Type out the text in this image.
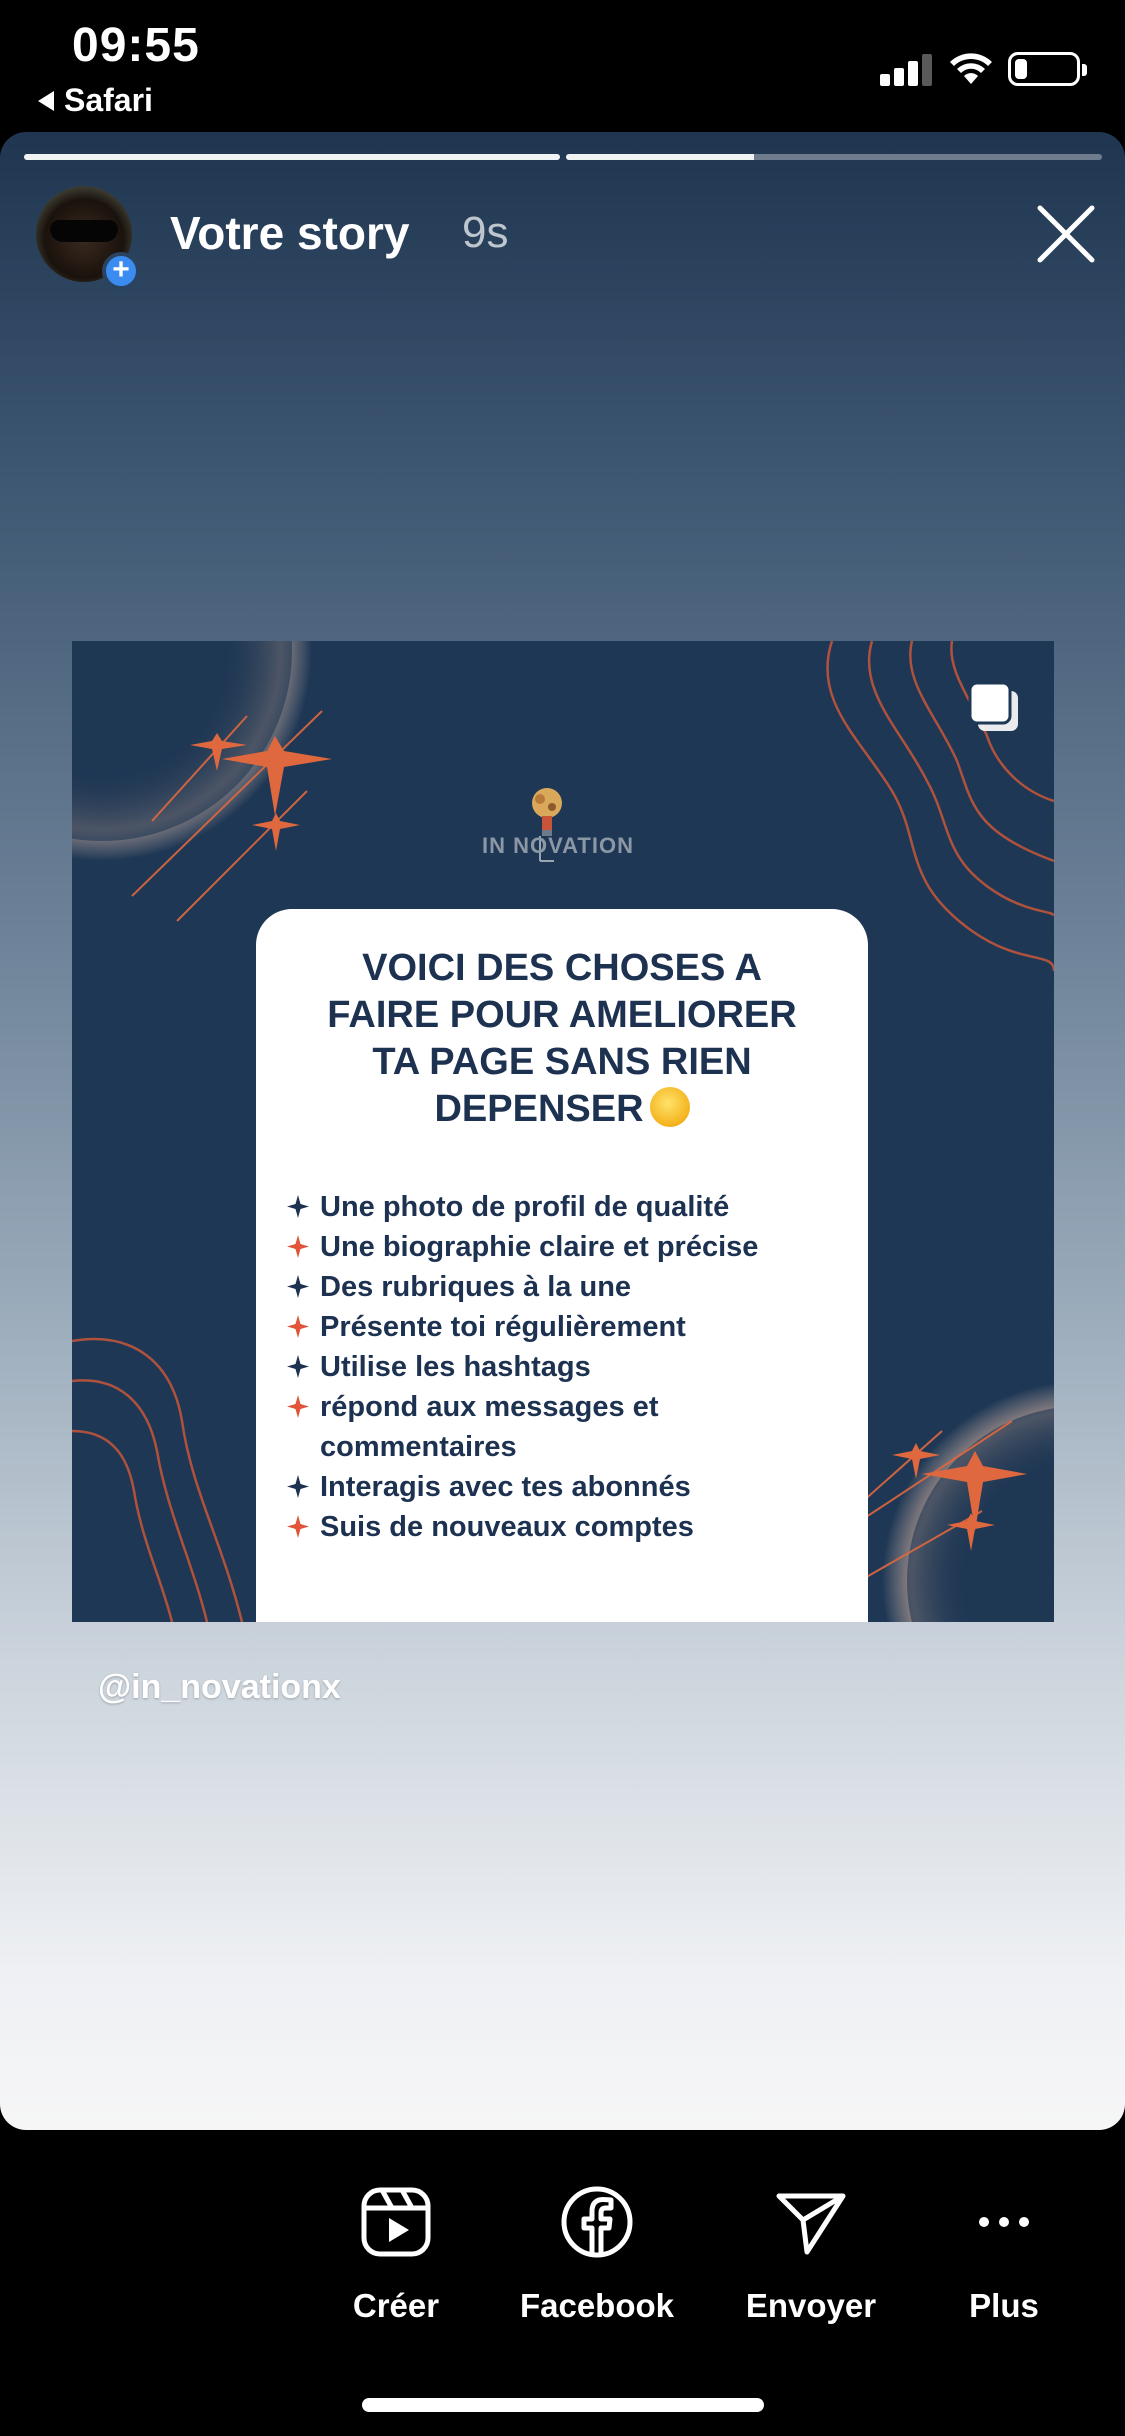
09:55
Safari
+
Votre story 9s
IN NOVATION
VOICI DES CHOSES A
FAIRE POUR AMELIORER
TA PAGE SANS RIEN
DEPENSER
Une photo de profil de qualité
Une biographie claire et précise
Des rubriques à la une
Présente toi régulièrement
Utilise les hashtags
répond aux messages et commentaires
Interagis avec tes abonnés
Suis de nouveaux comptes
@in_novationx
Créer	Facebook	Envoyer	Plus
